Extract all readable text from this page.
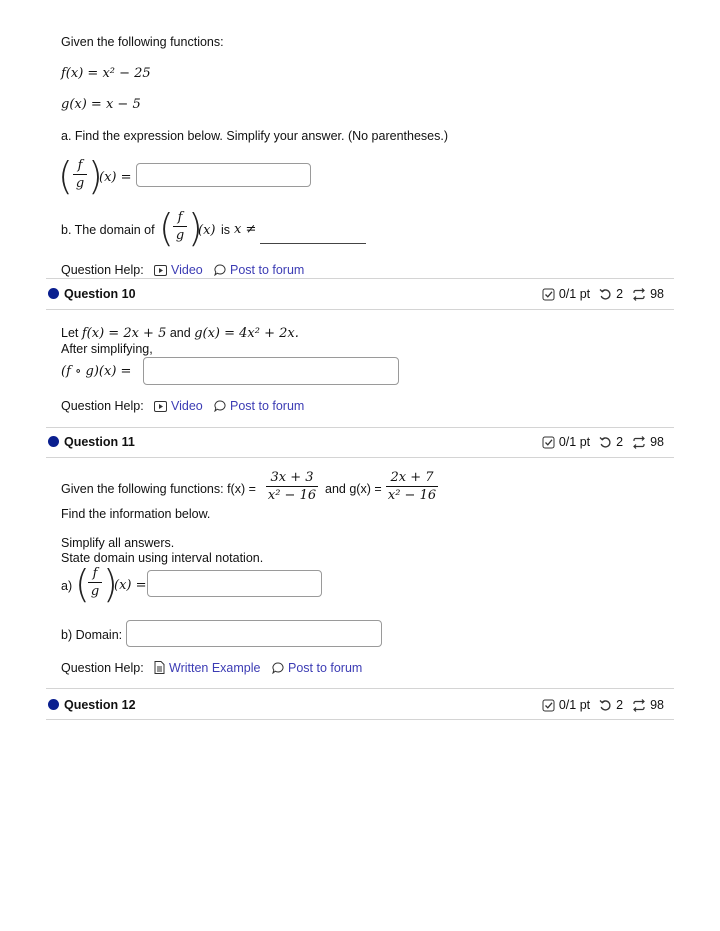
Given the following functions:
f(x) = x² − 25
g(x) = x − 5
a. Find the expression below. Simplify your answer. (No parentheses.)
( f
g )
(x) =
b. The domain of ( f
g )
(x) is x ≠
Question Help:	Video	Post to forum
Question 10	0/1 pt 2 98
Let f(x) = 2x + 5 and g(x) = 4x² + 2x.
After simplifying,
(f ∘ g)(x) =
Question Help:	Video	Post to forum
Question 11	0/1 pt 2 98
Given the following functions: f(x) =
3x + 3
x² − 16 and g(x) =
2x + 7
x² − 16
Find the information below.
Simplify all answers.
State domain using interval notation.
a) ( f
g )
(x) =
b) Domain:
Question Help:	Written Example	Post to forum
Question 12	0/1 pt 2 98
